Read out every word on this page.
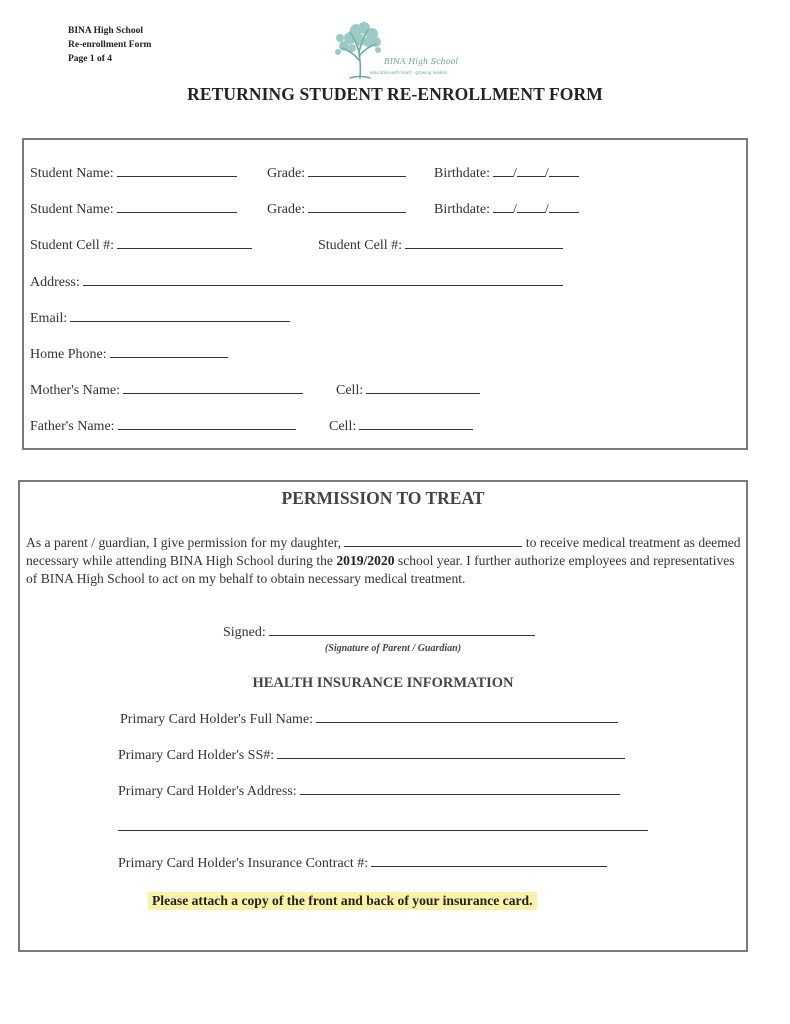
BINA High School
Re-enrollment Form
Page 1 of 4	BINA High School
education with heart · growing leaders
RETURNING STUDENT RE-ENROLLMENT FORM
Student Name:	Grade:	Birthdate: / /
Student Name:	Grade:	Birthdate: / /
Student Cell #:	Student Cell #:
Address:
Email:
Home Phone:
Mother's Name:	Cell:
Father's Name:	Cell:
PERMISSION TO TREAT
As a parent / guardian, I give permission for my daughter,	to receive medical treatment as deemed necessary while attending BINA High School during the 2019/2020 school year. I further authorize employees and representatives of BINA High School to act on my behalf to obtain necessary medical treatment.
Signed:
(Signature of Parent / Guardian)
HEALTH INSURANCE INFORMATION
Primary Card Holder's Full Name:
Primary Card Holder's SS#:
Primary Card Holder's Address:
Primary Card Holder's Insurance Contract #:
Please attach a copy of the front and back of your insurance card.
